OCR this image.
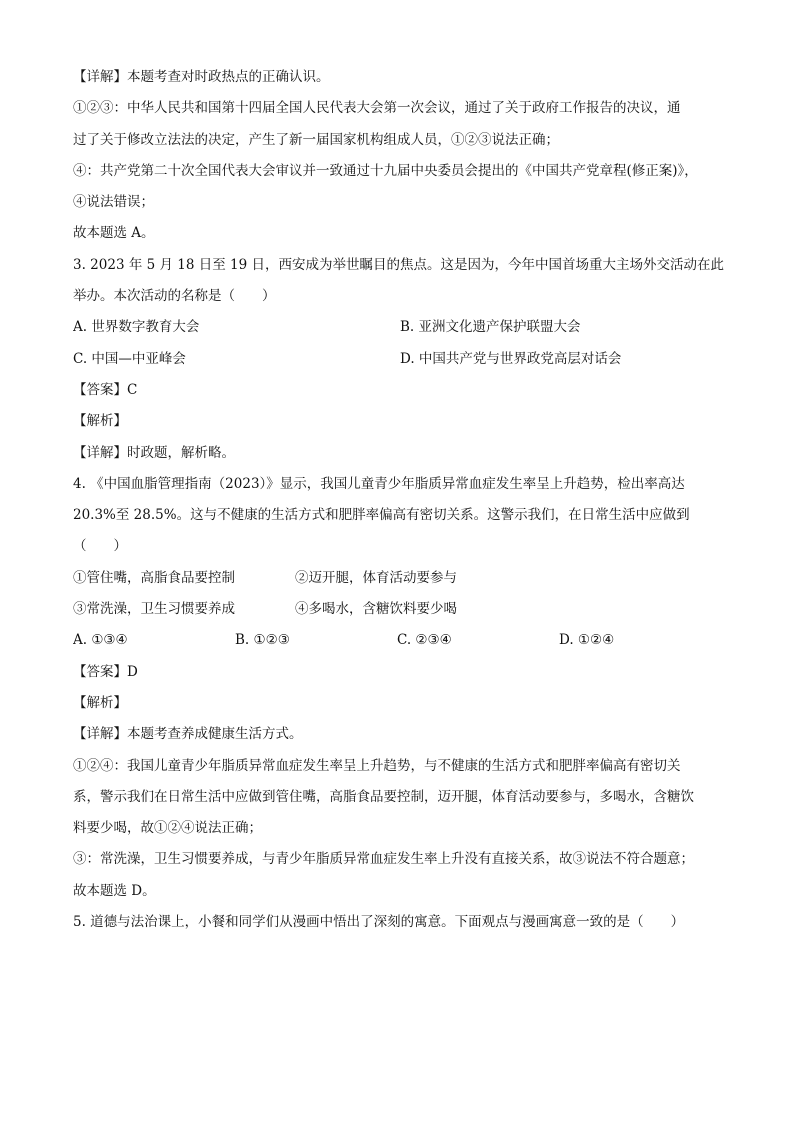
【详解】本题考查对时政热点的正确认识。
①②③：中华人民共和国第十四届全国人民代表大会第一次会议，通过了关于政府工作报告的决议，通
过了关于修改立法法的决定，产生了新一届国家机构组成人员，①②③说法正确；
④：共产党第二十次全国代表大会审议并一致通过十九届中央委员会提出的《中国共产党章程(修正案)》，
④说法错误；
故本题选 A。
3. 2023 年 5 月 18 日至 19 日，西安成为举世瞩目的焦点。这是因为，今年中国首场重大主场外交活动在此
举办。本次活动的名称是（　　）
A. 世界数字教育大会	B. 亚洲文化遗产保护联盟大会
C. 中国—中亚峰会	D. 中国共产党与世界政党高层对话会
【答案】C
【解析】
【详解】时政题，解析略。
4. 《中国血脂管理指南（2023）》显示，我国儿童青少年脂质异常血症发生率呈上升趋势，检出率高达
20.3%至 28.5%。这与不健康的生活方式和肥胖率偏高有密切关系。这警示我们，在日常生活中应做到
（　　）
①管住嘴，高脂食品要控制	②迈开腿，体育活动要参与
③常洗澡，卫生习惯要养成	④多喝水，含糖饮料要少喝
A. ①③④	B. ①②③	C. ②③④	D. ①②④
【答案】D
【解析】
【详解】本题考查养成健康生活方式。
①②④：我国儿童青少年脂质异常血症发生率呈上升趋势，与不健康的生活方式和肥胖率偏高有密切关
系，警示我们在日常生活中应做到管住嘴，高脂食品要控制，迈开腿，体育活动要参与，多喝水，含糖饮
料要少喝，故①②④说法正确；
③：常洗澡，卫生习惯要养成，与青少年脂质异常血症发生率上升没有直接关系，故③说法不符合题意；
故本题选 D。
5. 道德与法治课上，小餐和同学们从漫画中悟出了深刻的寓意。下面观点与漫画寓意一致的是（　　）
